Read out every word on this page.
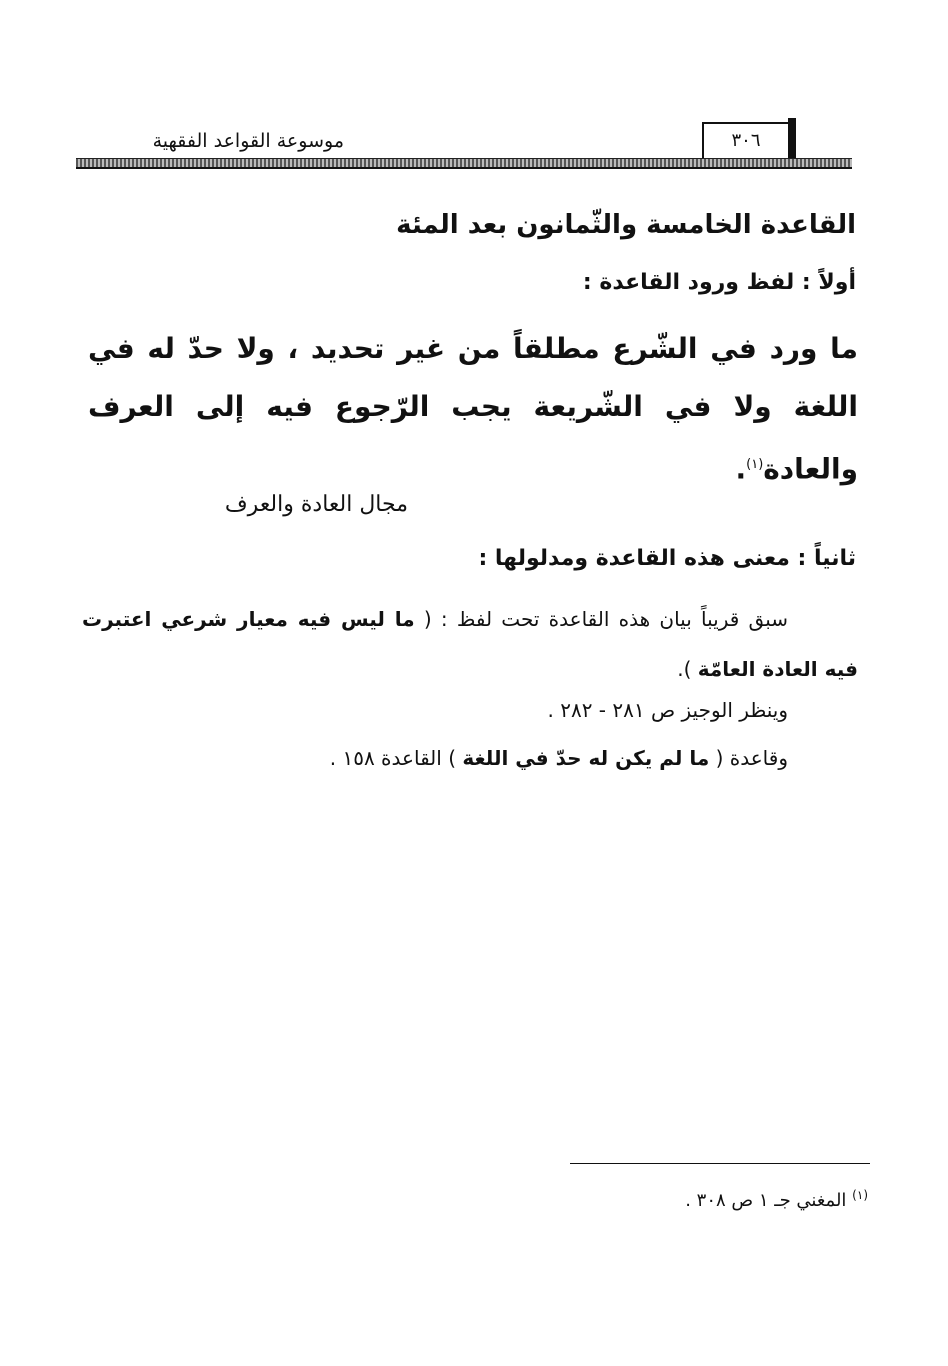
موسوعة القواعد الفقهية	٣٠٦
القاعدة الخامسة والثّمانون بعد المئة
أولاً : لفظ ورود القاعدة :
ما ورد في الشّرع مطلقاً من غير تحديد ، ولا حدّ له في اللغة ولا في الشّريعة يجب الرّجوع فيه إلى العرف والعادة$^{(١)}$.
مجال العادة والعرف
ثانياً : معنى هذه القاعدة ومدلولها :
سبق قريباً بيان هذه القاعدة تحت لفظ : ( ما ليس فيه معيار شرعي اعتبرت فيه العادة العامّة ).
وينظر الوجيز ص ٢٨١ - ٢٨٢ .
وقاعدة ( ما لم يكن له حدّ في اللغة ) القاعدة ١٥٨ .
$^{(١)}$ المغني جـ ١ ص ٣٠٨ .
